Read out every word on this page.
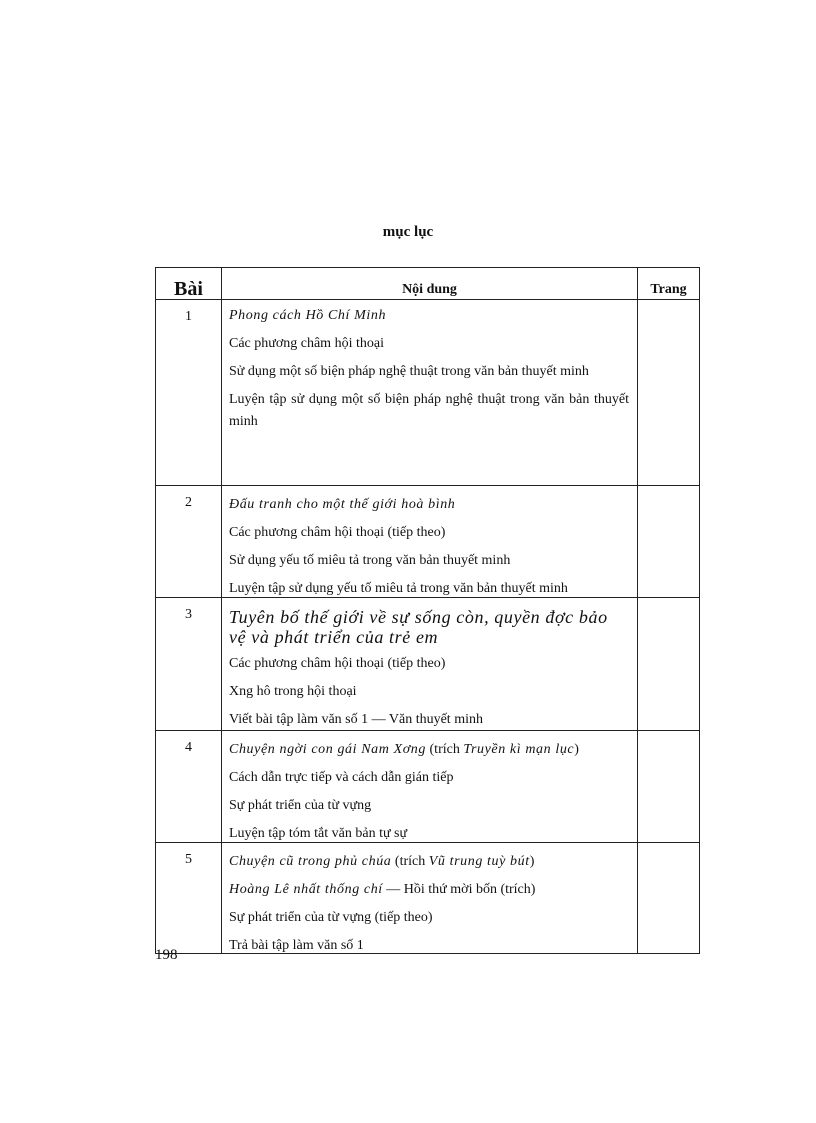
mục lục
Bài	Nội dung	Trang

1	Phong cách Hồ Chí Minh
Các phương châm hội thoại
Sử dụng một số biện pháp nghệ thuật trong văn bản thuyết minh
Luyện tập sử dụng một số biện pháp nghệ thuật trong văn bản thuyết minh	

2	Đấu tranh cho một thế giới hoà bình
Các phương châm hội thoại (tiếp theo)
Sử dụng yếu tố miêu tả trong văn bản thuyết minh
Luyện tập sử dụng yếu tố miêu tả trong văn bản thuyết minh	

3	Tuyên bố thế giới về sự sống còn, quyền đợc bảo vệ và phát triển của trẻ em
Các phương châm hội thoại (tiếp theo)
Xng hô trong hội thoại
Viết bài tập làm văn số 1 — Văn thuyết minh	

4	Chuyện ngời con gái Nam Xơng (trích Truyền kì mạn lục)
Cách dẫn trực tiếp và cách dẫn gián tiếp
Sự phát triển của từ vựng
Luyện tập tóm tắt văn bản tự sự	

5	Chuyện cũ trong phủ chúa (trích Vũ trung tuỳ bút)
Hoàng Lê nhất thống chí — Hồi thứ mời bốn (trích)
Sự phát triển của từ vựng (tiếp theo)
Trả bài tập làm văn số 1	

198
